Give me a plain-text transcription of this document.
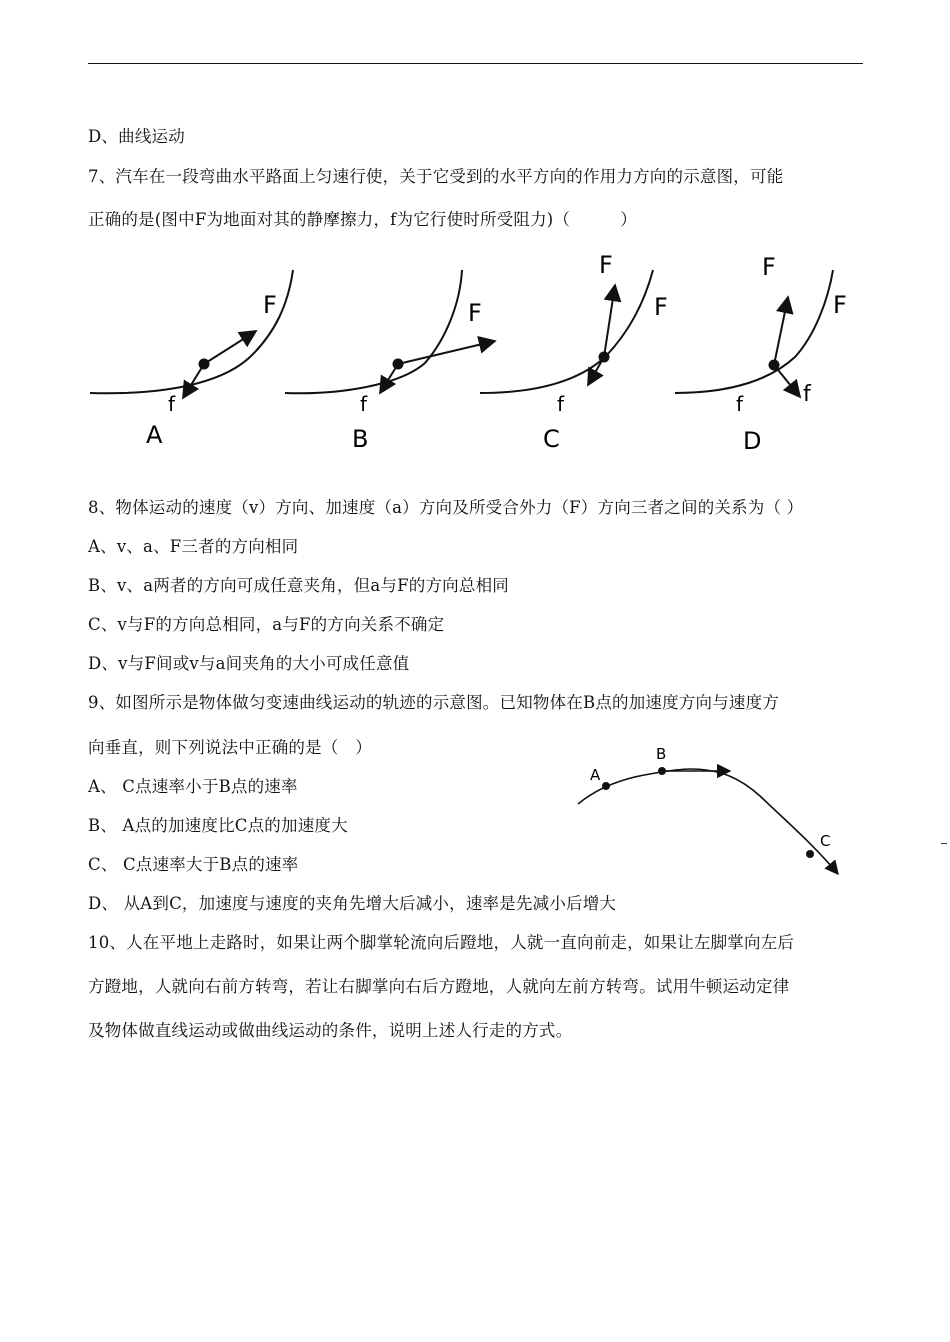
D、曲线运动
7、汽车在一段弯曲水平路面上匀速行使，关于它受到的水平方向的作用力方向的示意图，可能
正确的是(图中F为地面对其的静摩擦力，f为它行使时所受阻力)（　　　）
F
f
A
F
f
B
F
F
f
C
F
F
f
f
D
8、物体运动的速度（v）方向、加速度（a）方向及所受合外力（F）方向三者之间的关系为（ ）
A、v、a、F三者的方向相同
B、v、a两者的方向可成任意夹角，但a与F的方向总相同
C、v与F的方向总相同，a与F的方向关系不确定
D、v与F间或v与a间夹角的大小可成任意值
9、如图所示是物体做匀变速曲线运动的轨迹的示意图。已知物体在B点的加速度方向与速度方
向垂直，则下列说法中正确的是（　）
A、 C点速率小于B点的速率
B、 A点的加速度比C点的加速度大
C、 C点速率大于B点的速率
D、 从A到C，加速度与速度的夹角先增大后减小，速率是先减小后增大
A
B
C
10、人在平地上走路时，如果让两个脚掌轮流向后蹬地，人就一直向前走，如果让左脚掌向左后
方蹬地，人就向右前方转弯，若让右脚掌向右后方蹬地，人就向左前方转弯。试用牛顿运动定律
及物体做直线运动或做曲线运动的条件，说明上述人行走的方式。
